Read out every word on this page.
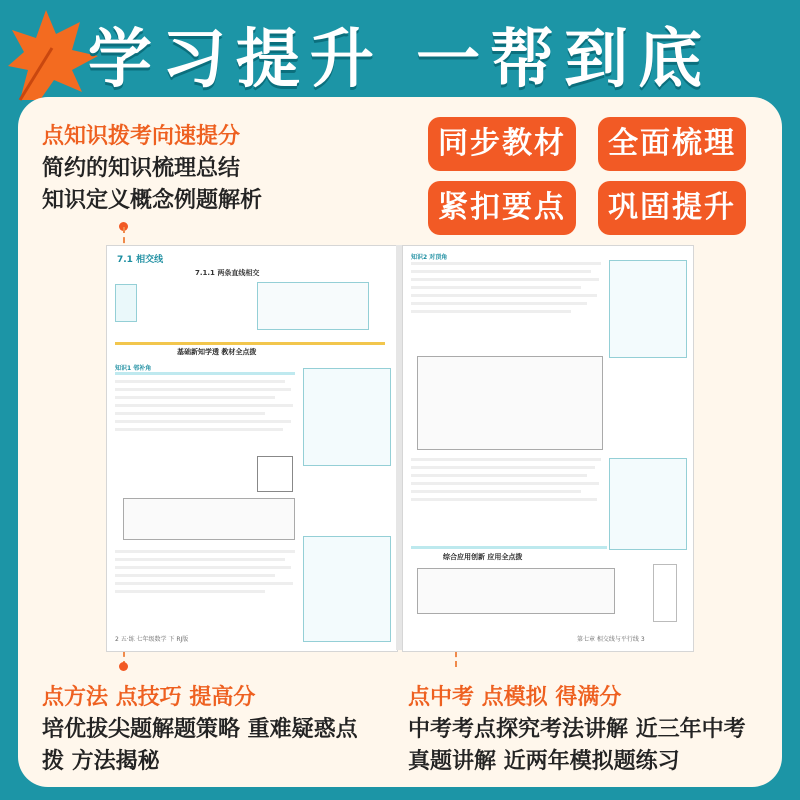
学习提升 一帮到底
点知识拨考向速提分
简约的知识梳理总结
知识定义概念例题解析
同步教材	全面梳理
紧扣要点	巩固提升
7.1 相交线
7.1.1 两条直线相交
基础新知学透 教材全点拨
知识1 邻补角
2 五·练 七年级数学 下 RJ版
知识2 对顶角
综合应用创新 应用全点拨
第七章 相交线与平行线 3
点方法 点技巧 提高分
培优拔尖题解题策略 重难疑惑点
拨 方法揭秘
点中考 点模拟 得满分
中考考点探究考法讲解 近三年中考
真题讲解 近两年模拟题练习
